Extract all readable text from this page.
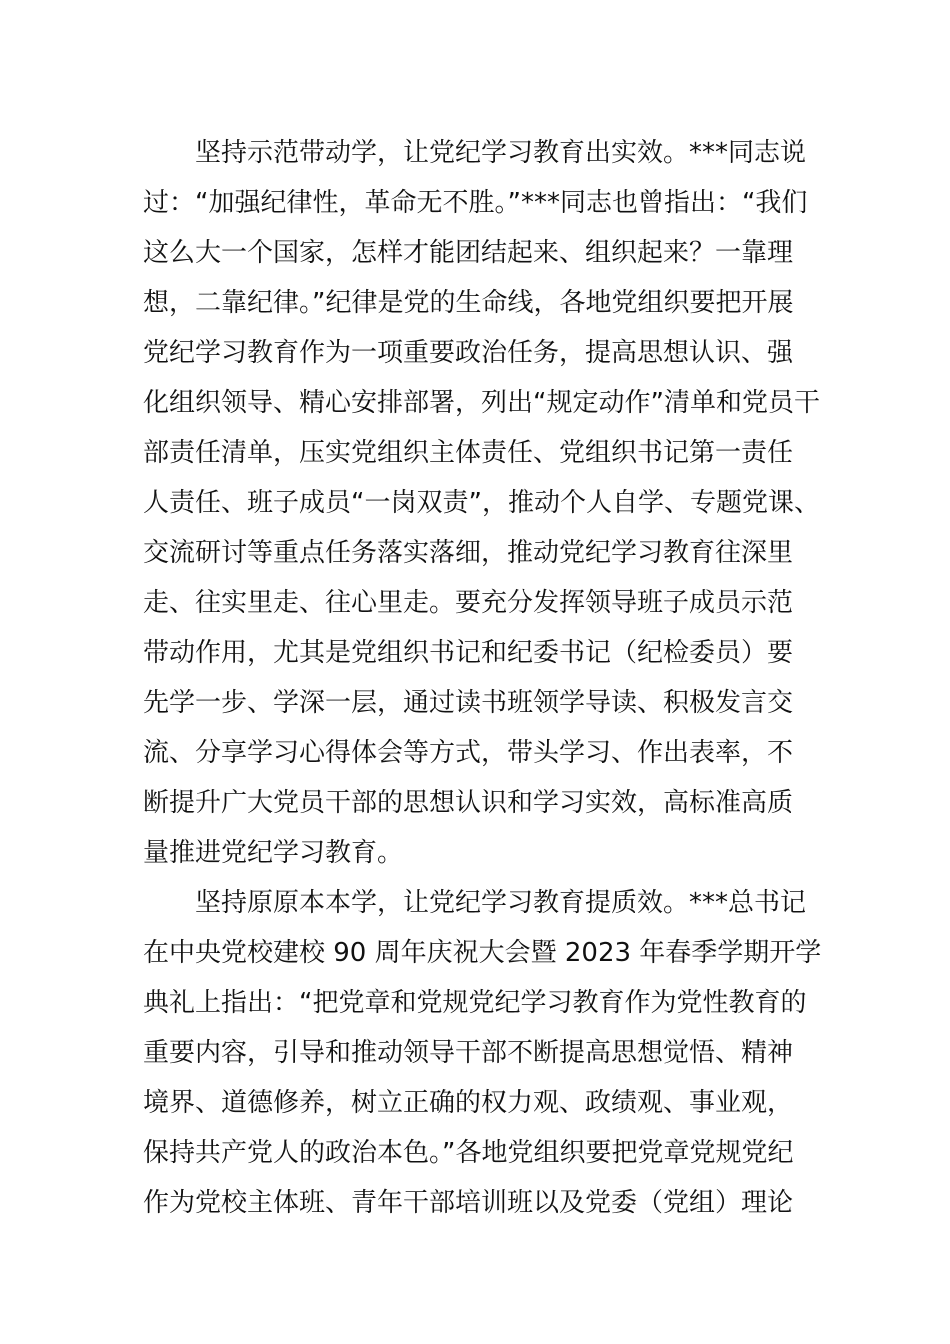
坚持示范带动学，让党纪学习教育出实效。***同志说
过：“加强纪律性，革命无不胜。”***同志也曾指出：“我们
这么大一个国家，怎样才能团结起来、组织起来？一靠理
想，二靠纪律。”纪律是党的生命线，各地党组织要把开展
党纪学习教育作为一项重要政治任务，提高思想认识、强
化组织领导、精心安排部署，列出“规定动作”清单和党员干
部责任清单，压实党组织主体责任、党组织书记第一责任
人责任、班子成员“一岗双责”，推动个人自学、专题党课、
交流研讨等重点任务落实落细，推动党纪学习教育往深里
走、往实里走、往心里走。要充分发挥领导班子成员示范
带动作用，尤其是党组织书记和纪委书记（纪检委员）要
先学一步、学深一层，通过读书班领学导读、积极发言交
流、分享学习心得体会等方式，带头学习、作出表率，不
断提升广大党员干部的思想认识和学习实效，高标准高质
量推进党纪学习教育。
坚持原原本本学，让党纪学习教育提质效。***总书记
在中央党校建校 90 周年庆祝大会暨 2023 年春季学期开学
典礼上指出：“把党章和党规党纪学习教育作为党性教育的
重要内容，引导和推动领导干部不断提高思想觉悟、精神
境界、道德修养，树立正确的权力观、政绩观、事业观，
保持共产党人的政治本色。”各地党组织要把党章党规党纪
作为党校主体班、青年干部培训班以及党委（党组）理论
